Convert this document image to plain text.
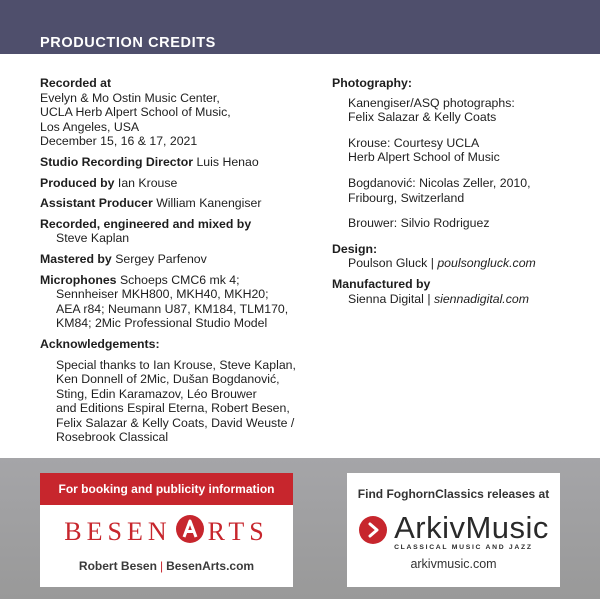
PRODUCTION CREDITS
Recorded at
Evelyn & Mo Ostin Music Center,
UCLA Herb Alpert School of Music,
Los Angeles, USA
December 15, 16 & 17, 2021
Studio Recording Director Luis Henao
Produced by Ian Krouse
Assistant Producer William Kanengiser
Recorded, engineered and mixed by
Steve Kaplan
Mastered by Sergey Parfenov
Microphones Schoeps CMC6 mk 4;
Sennheiser MKH800, MKH40, MKH20;
AEA r84; Neumann U87, KM184, TLM170,
KM84; 2Mic Professional Studio Model
Acknowledgements:
Special thanks to Ian Krouse, Steve Kaplan,
Ken Donnell of 2Mic, Dušan Bogdanović,
Sting, Edin Karamazov, Léo Brouwer
and Editions Espiral Eterna, Robert Besen,
Felix Salazar & Kelly Coats, David Weuste /
Rosebrook Classical
Photography:
Kanengiser/ASQ photographs:
Felix Salazar & Kelly Coats
Krouse: Courtesy UCLA
Herb Alpert School of Music
Bogdanović: Nicolas Zeller, 2010,
Fribourg, Switzerland
Brouwer: Silvio Rodriguez
Design:
Poulson Gluck | poulsongluck.com
Manufactured by
Sienna Digital | siennadigital.com
For booking and publicity information
BESEN RTS
Robert Besen | BesenArts.com
Find FoghornClassics releases at
ArkivMusic
CLASSICAL MUSIC AND JAZZ
arkivmusic.com
